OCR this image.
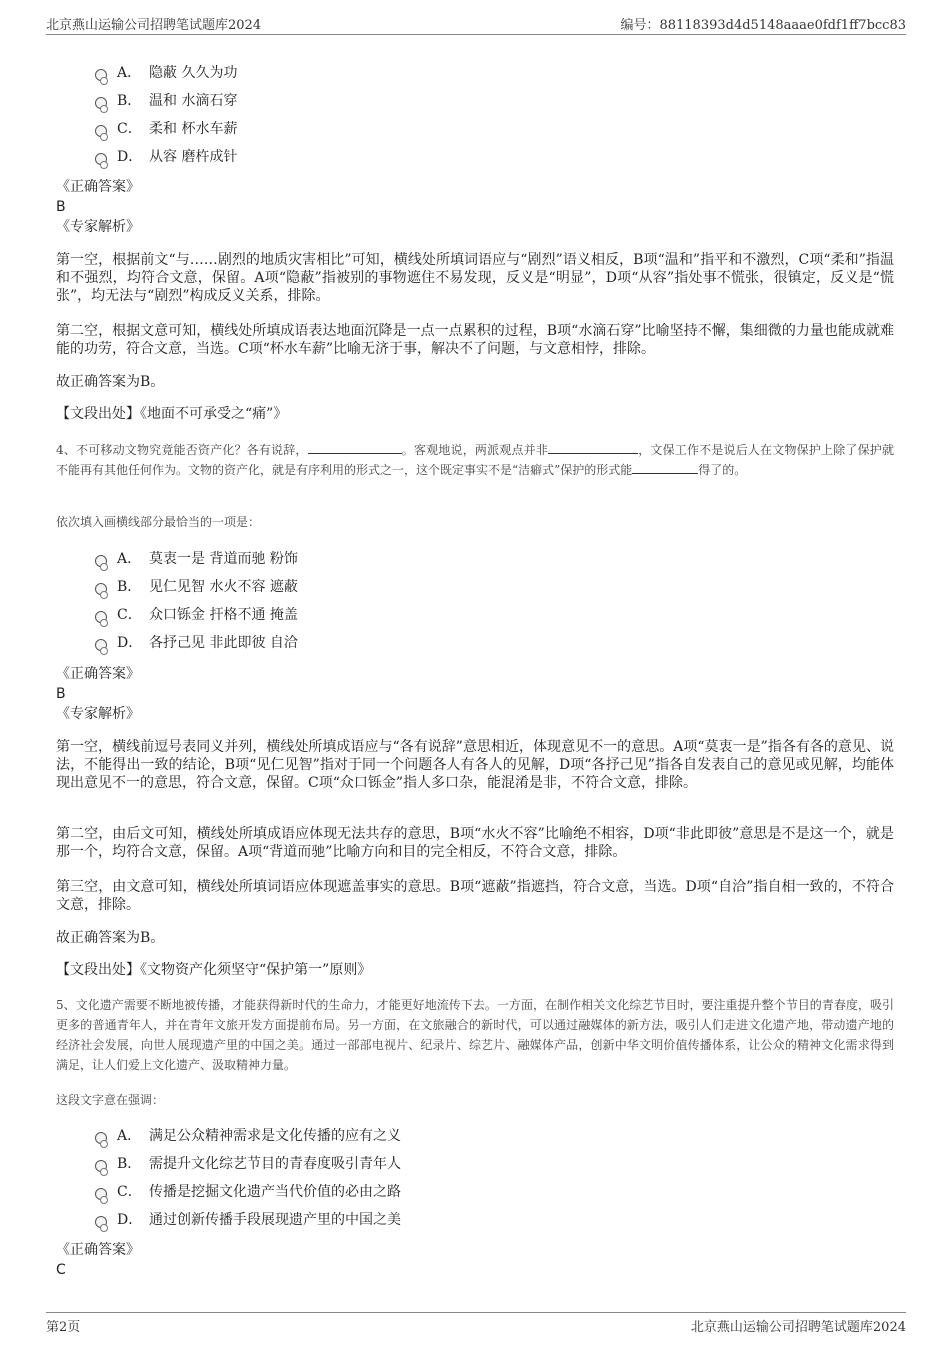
北京燕山运输公司招聘笔试题库2024	编号：88118393d4d5148aaae0fdf1ff7bcc83
A． 隐蔽 久久为功
B． 温和 水滴石穿
C． 柔和 杯水车薪
D． 从容 磨杵成针
《正确答案》
B
《专家解析》
第一空，根据前文“与……剧烈的地质灾害相比”可知，横线处所填词语应与“剧烈”语义相反，B项“温和”指平和不激烈，C项“柔和”指温和不强烈，均符合文意，保留。A项“隐蔽”指被别的事物遮住不易发现，反义是“明显”，D项“从容”指处事不慌张，很镇定，反义是“慌张”，均无法与“剧烈”构成反义关系，排除。
第二空，根据文意可知，横线处所填成语表达地面沉降是一点一点累积的过程，B项“水滴石穿”比喻坚持不懈，集细微的力量也能成就难能的功劳，符合文意，当选。C项“杯水车薪”比喻无济于事，解决不了问题，与文意相悖，排除。
故正确答案为B。
【文段出处】《地面不可承受之“痛”》
4、不可移动文物究竟能否资产化？各有说辞，	。客观地说，两派观点并非	，文保工作不是说后人在文物保护上除了保护就不能再有其他任何作为。文物的资产化，就是有序利用的形式之一，这个既定事实不是“洁癖式”保护的形式能	得了的。
依次填入画横线部分最恰当的一项是：
A． 莫衷一是 背道而驰 粉饰
B． 见仁见智 水火不容 遮蔽
C． 众口铄金 扞格不通 掩盖
D． 各抒己见 非此即彼 自洽
《正确答案》
B
《专家解析》
第一空，横线前逗号表同义并列，横线处所填成语应与“各有说辞”意思相近，体现意见不一的意思。A项“莫衷一是”指各有各的意见、说法，不能得出一致的结论，B项“见仁见智”指对于同一个问题各人有各人的见解，D项“各抒己见”指各自发表自己的意见或见解，均能体现出意见不一的意思，符合文意，保留。C项“众口铄金”指人多口杂，能混淆是非，不符合文意，排除。
第二空，由后文可知，横线处所填成语应体现无法共存的意思，B项“水火不容”比喻绝不相容，D项“非此即彼”意思是不是这一个，就是那一个，均符合文意，保留。A项“背道而驰”比喻方向和目的完全相反，不符合文意，排除。
第三空，由文意可知，横线处所填词语应体现遮盖事实的意思。B项“遮蔽”指遮挡，符合文意，当选。D项“自洽”指自相一致的，不符合文意，排除。
故正确答案为B。
【文段出处】《文物资产化须坚守“保护第一”原则》
5、文化遗产需要不断地被传播，才能获得新时代的生命力，才能更好地流传下去。一方面，在制作相关文化综艺节目时，要注重提升整个节目的青春度，吸引更多的普通青年人，并在青年文旅开发方面提前布局。另一方面，在文旅融合的新时代，可以通过融媒体的新方法，吸引人们走进文化遗产地，带动遗产地的经济社会发展，向世人展现遗产里的中国之美。通过一部部电视片、纪录片、综艺片、融媒体产品，创新中华文明价值传播体系，让公众的精神文化需求得到满足，让人们爱上文化遗产、汲取精神力量。
这段文字意在强调：
A． 满足公众精神需求是文化传播的应有之义
B． 需提升文化综艺节目的青春度吸引青年人
C． 传播是挖掘文化遗产当代价值的必由之路
D． 通过创新传播手段展现遗产里的中国之美
《正确答案》
C
第2页	北京燕山运输公司招聘笔试题库2024
